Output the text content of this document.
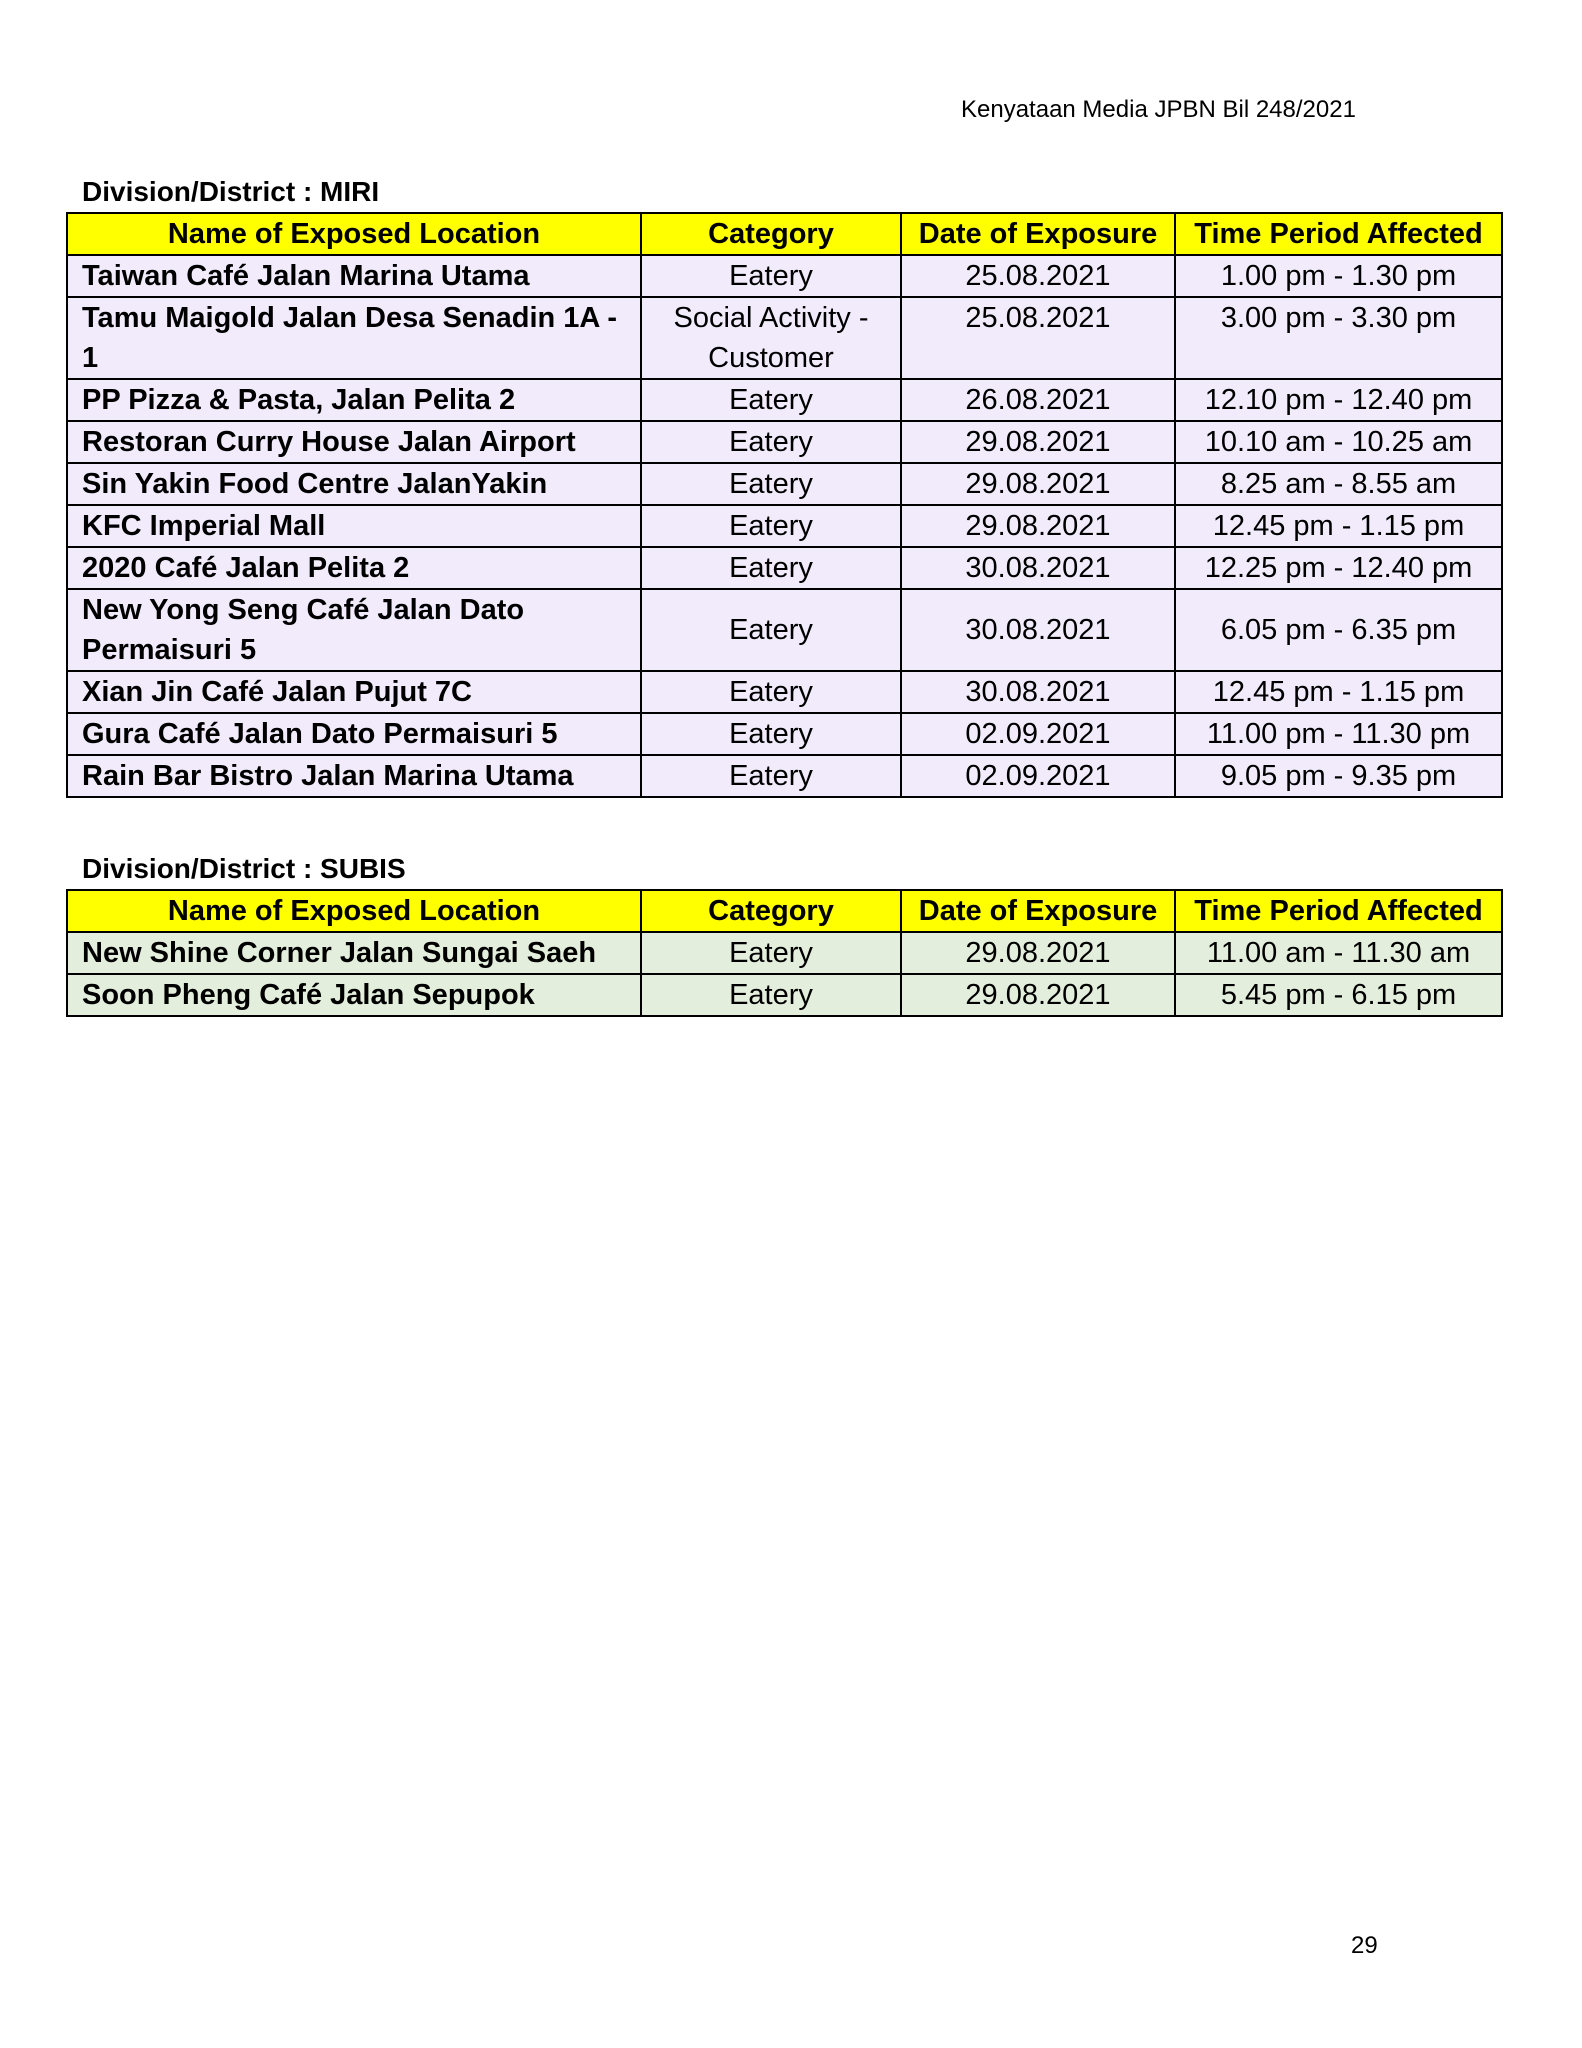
Kenyataan Media JPBN Bil 248/2021
Division/District : MIRI
Name of Exposed Location	Category	Date of Exposure	Time Period Affected
Taiwan Café Jalan Marina Utama	Eatery	25.08.2021	1.00 pm - 1.30 pm
Tamu Maigold Jalan Desa Senadin 1A - 1	Social Activity - Customer	25.08.2021	3.00 pm - 3.30 pm
PP Pizza & Pasta, Jalan Pelita 2	Eatery	26.08.2021	12.10 pm - 12.40 pm
Restoran Curry House Jalan Airport	Eatery	29.08.2021	10.10 am - 10.25 am
Sin Yakin Food Centre JalanYakin	Eatery	29.08.2021	8.25 am - 8.55 am
KFC Imperial Mall	Eatery	29.08.2021	12.45 pm - 1.15 pm
2020 Café Jalan Pelita 2	Eatery	30.08.2021	12.25 pm - 12.40 pm
New Yong Seng Café Jalan Dato Permaisuri 5	Eatery	30.08.2021	6.05 pm - 6.35 pm
Xian Jin Café Jalan Pujut 7C	Eatery	30.08.2021	12.45 pm - 1.15 pm
Gura Café Jalan Dato Permaisuri 5	Eatery	02.09.2021	11.00 pm - 11.30 pm
Rain Bar Bistro Jalan Marina Utama	Eatery	02.09.2021	9.05 pm - 9.35 pm
Division/District : SUBIS
Name of Exposed Location	Category	Date of Exposure	Time Period Affected
New Shine Corner Jalan Sungai Saeh	Eatery	29.08.2021	11.00 am - 11.30 am
Soon Pheng Café Jalan Sepupok	Eatery	29.08.2021	5.45 pm - 6.15 pm
29
